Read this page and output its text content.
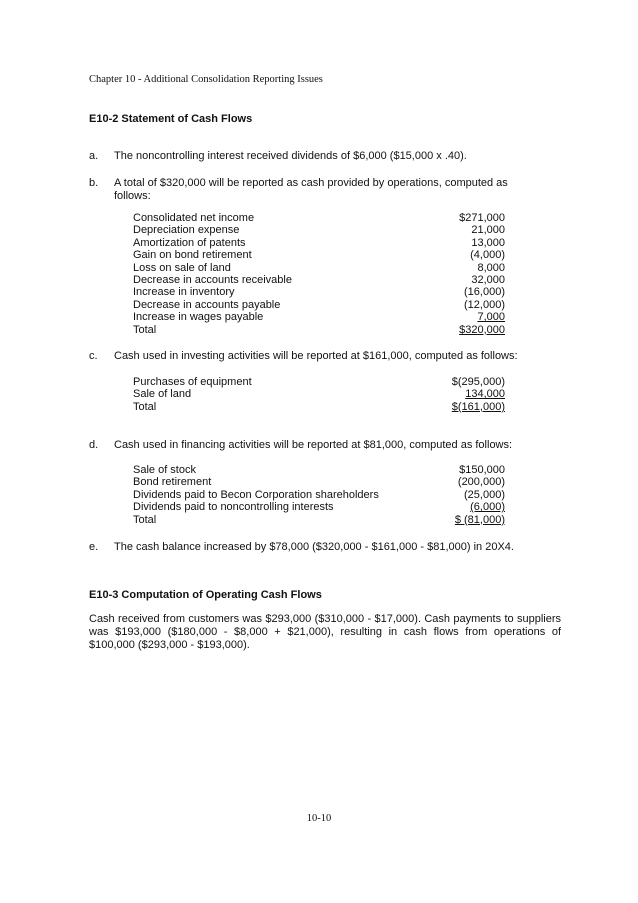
Chapter 10 - Additional Consolidation Reporting Issues
E10-2 Statement of Cash Flows
a. The noncontrolling interest received dividends of $6,000 ($15,000 x .40).
b. A total of $320,000 will be reported as cash provided by operations, computed as follows:
Consolidated net income	$271,000
Depreciation expense	21,000
Amortization of patents	13,000
Gain on bond retirement	(4,000)
Loss on sale of land	8,000
Decrease in accounts receivable	32,000
Increase in inventory	(16,000)
Decrease in accounts payable	(12,000)
Increase in wages payable	7,000
Total	$320,000
c. Cash used in investing activities will be reported at $161,000, computed as follows:
Purchases of equipment	$(295,000)
Sale of land	134,000
Total	$(161,000)
d. Cash used in financing activities will be reported at $81,000, computed as follows:
Sale of stock	$150,000
Bond retirement	(200,000)
Dividends paid to Becon Corporation shareholders	(25,000)
Dividends paid to noncontrolling interests	(6,000)
Total	$ (81,000)
e. The cash balance increased by $78,000 ($320,000 - $161,000 - $81,000) in 20X4.
E10-3 Computation of Operating Cash Flows
Cash received from customers was $293,000 ($310,000 - $17,000). Cash payments to suppliers was $193,000 ($180,000 - $8,000 + $21,000), resulting in cash flows from operations of $100,000 ($293,000 - $193,000).
10-10
